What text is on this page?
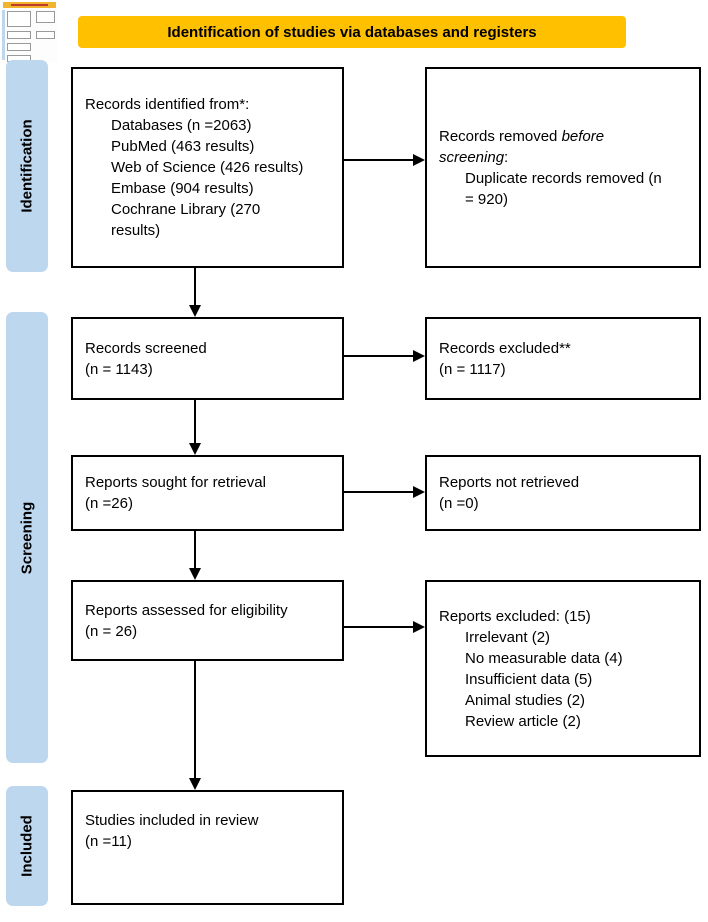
Identification of studies via databases and registers
Identification
Screening
Included
Records identified from*:
Databases (n =2063)
PubMed (463 results)
Web of Science (426 results)
Embase (904 results)
Cochrane Library (270 results)
Records removed before screening:
Duplicate records removed (n = 920)
Records screened
(n = 1143)
Records excluded**
(n = 1117)
Reports sought for retrieval
(n =26)
Reports not retrieved
(n =0)
Reports assessed for eligibility
(n = 26)
Reports excluded: (15)
Irrelevant (2)
No measurable data (4)
Insufficient data (5)
Animal studies (2)
Review article (2)
Studies included in review
(n =11)
